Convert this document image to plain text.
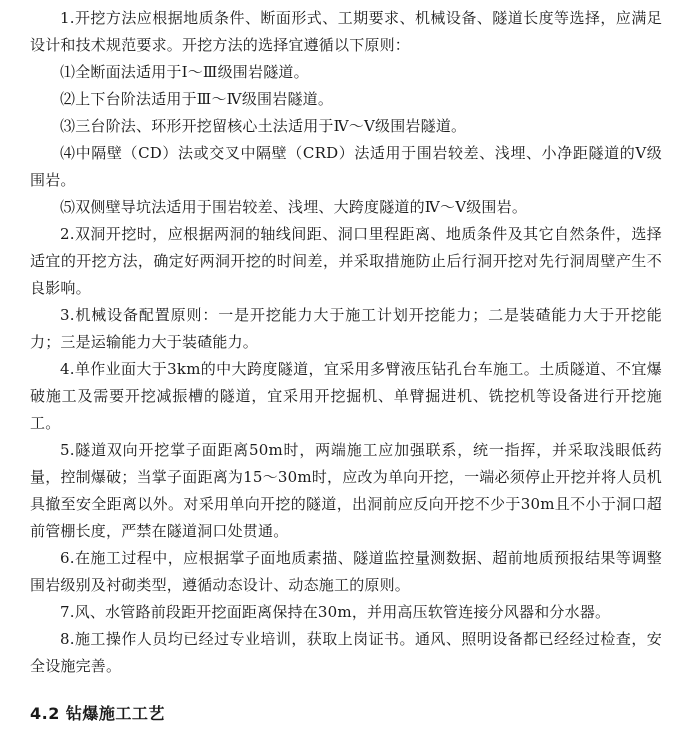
1.开挖方法应根据地质条件、断面形式、工期要求、机械设备、隧道长度等选择，应满足设计和技术规范要求。开挖方法的选择宜遵循以下原则：

⑴全断面法适用于Ⅰ～Ⅲ级围岩隧道。

⑵上下台阶法适用于Ⅲ～Ⅳ级围岩隧道。

⑶三台阶法、环形开挖留核心土法适用于Ⅳ～Ⅴ级围岩隧道。

⑷中隔壁（CD）法或交叉中隔壁（CRD）法适用于围岩较差、浅埋、小净距隧道的Ⅴ级围岩。

⑸双侧壁导坑法适用于围岩较差、浅埋、大跨度隧道的Ⅳ～Ⅴ级围岩。

2.双洞开挖时，应根据两洞的轴线间距、洞口里程距离、地质条件及其它自然条件，选择适宜的开挖方法，确定好两洞开挖的时间差，并采取措施防止后行洞开挖对先行洞周壁产生不良影响。

3.机械设备配置原则：一是开挖能力大于施工计划开挖能力；二是装碴能力大于开挖能力；三是运输能力大于装碴能力。

4.单作业面大于3km的中大跨度隧道，宜采用多臂液压钻孔台车施工。土质隧道、不宜爆破施工及需要开挖减振槽的隧道，宜采用开挖掘机、单臂掘进机、铣挖机等设备进行开挖施工。

5.隧道双向开挖掌子面距离50m时，两端施工应加强联系，统一指挥，并采取浅眼低药量，控制爆破；当掌子面距离为15～30m时，应改为单向开挖，一端必须停止开挖并将人员机具撤至安全距离以外。对采用单向开挖的隧道，出洞前应反向开挖不少于30m且不小于洞口超前管棚长度，严禁在隧道洞口处贯通。

6.在施工过程中，应根据掌子面地质素描、隧道监控量测数据、超前地质预报结果等调整围岩级别及衬砌类型，遵循动态设计、动态施工的原则。

7.风、水管路前段距开挖面距离保持在30m，并用高压软管连接分风器和分水器。

8.施工操作人员均已经过专业培训，获取上岗证书。通风、照明设备都已经经过检查，安全设施完善。

4.2 钻爆施工工艺
